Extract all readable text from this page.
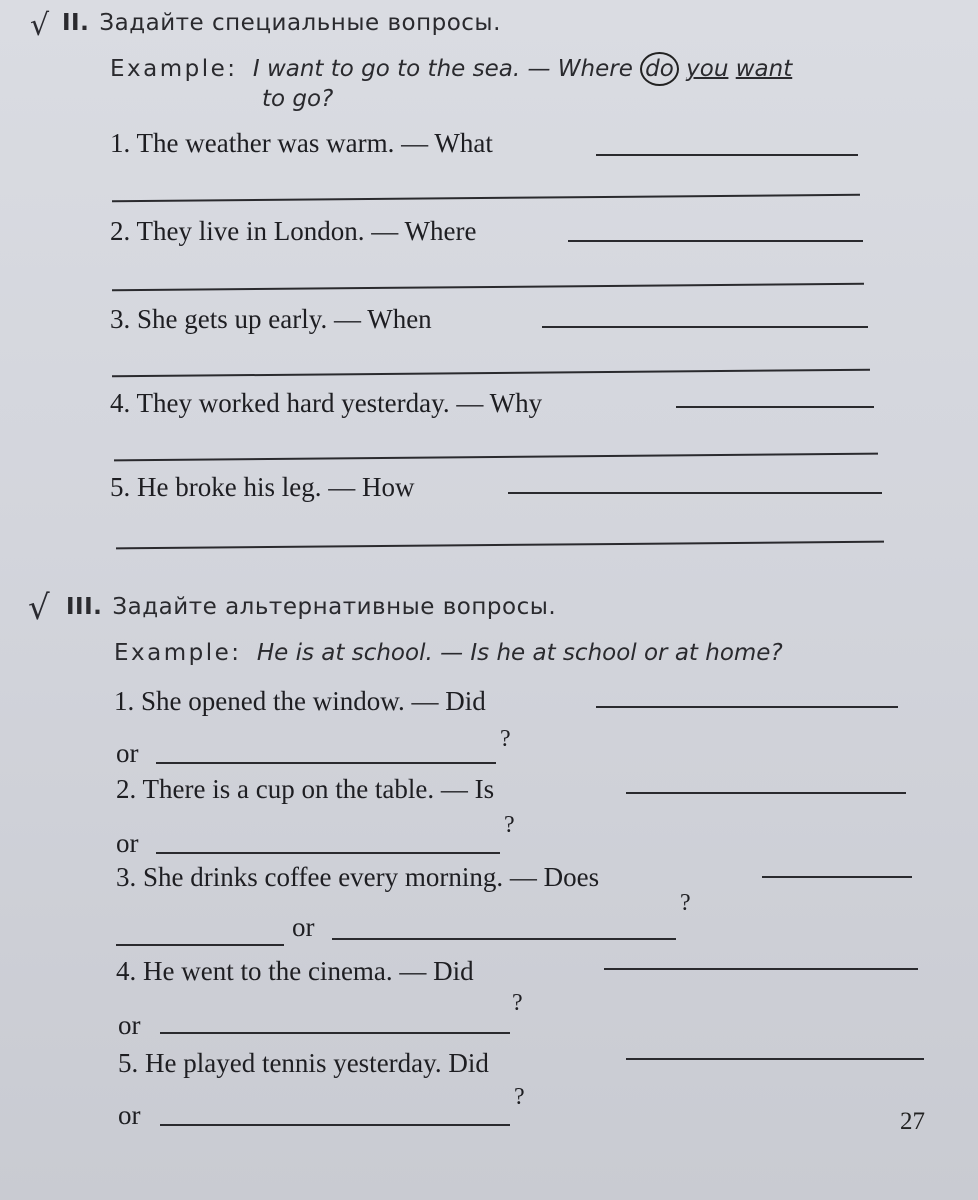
√ II. Задайте специальные вопросы.
Example: I want to go to the sea. — Where do you want
to go?
1. The weather was warm. — What
2. They live in London. — Where
3. She gets up early. — When
4. They worked hard yesterday. — Why
5. He broke his leg. — How
√ III. Задайте альтернативные вопросы.
Example: He is at school. — Is he at school or at home?
1. She opened the window. — Did
or	?
2. There is a cup on the table. — Is
or
?
3. She drinks coffee every morning. — Does
or
?
4. He went to the cinema. — Did
or
?
5. He played tennis yesterday. Did
or
?
27
